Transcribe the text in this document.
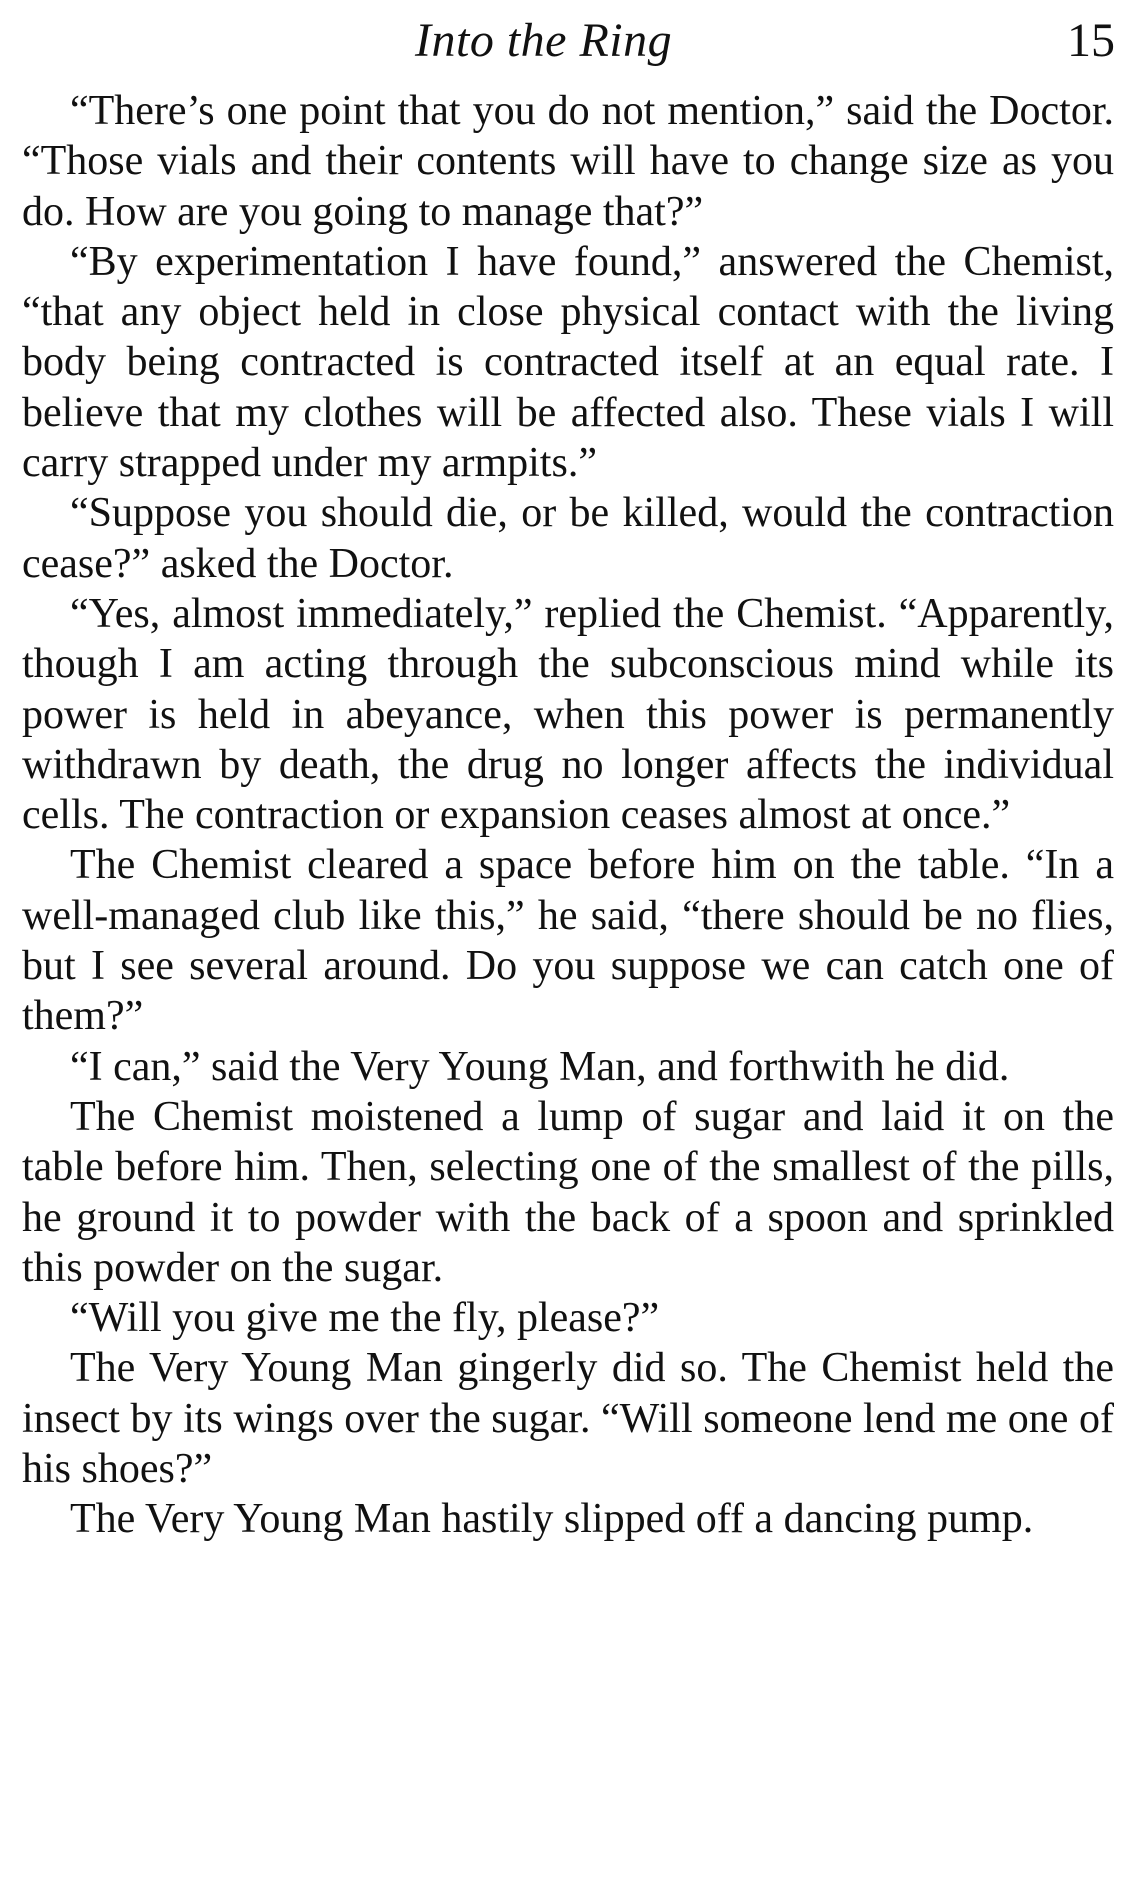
Into the Ring	15

“There’s one point that you do not mention,” said the Doctor. “Those vials and their contents will have to change size as you do. How are you going to manage that?”

“By experimentation I have found,” answered the Chemist, “that any object held in close physical contact with the living body being contracted is contracted itself at an equal rate. I believe that my clothes will be affected also. These vials I will carry strapped under my armpits.”

“Suppose you should die, or be killed, would the contraction cease?” asked the Doctor.

“Yes, almost immediately,” replied the Chemist. “Apparently, though I am acting through the subconscious mind while its power is held in abeyance, when this power is permanently withdrawn by death, the drug no longer affects the individual cells. The contraction or expansion ceases almost at once.”

The Chemist cleared a space before him on the table. “In a well-managed club like this,” he said, “there should be no flies, but I see several around. Do you suppose we can catch one of them?”

“I can,” said the Very Young Man, and forthwith he did.

The Chemist moistened a lump of sugar and laid it on the table before him. Then, selecting one of the smallest of the pills, he ground it to powder with the back of a spoon and sprinkled this powder on the sugar.

“Will you give me the fly, please?”

The Very Young Man gingerly did so. The Chemist held the insect by its wings over the sugar. “Will someone lend me one of his shoes?”

The Very Young Man hastily slipped off a dancing pump.
